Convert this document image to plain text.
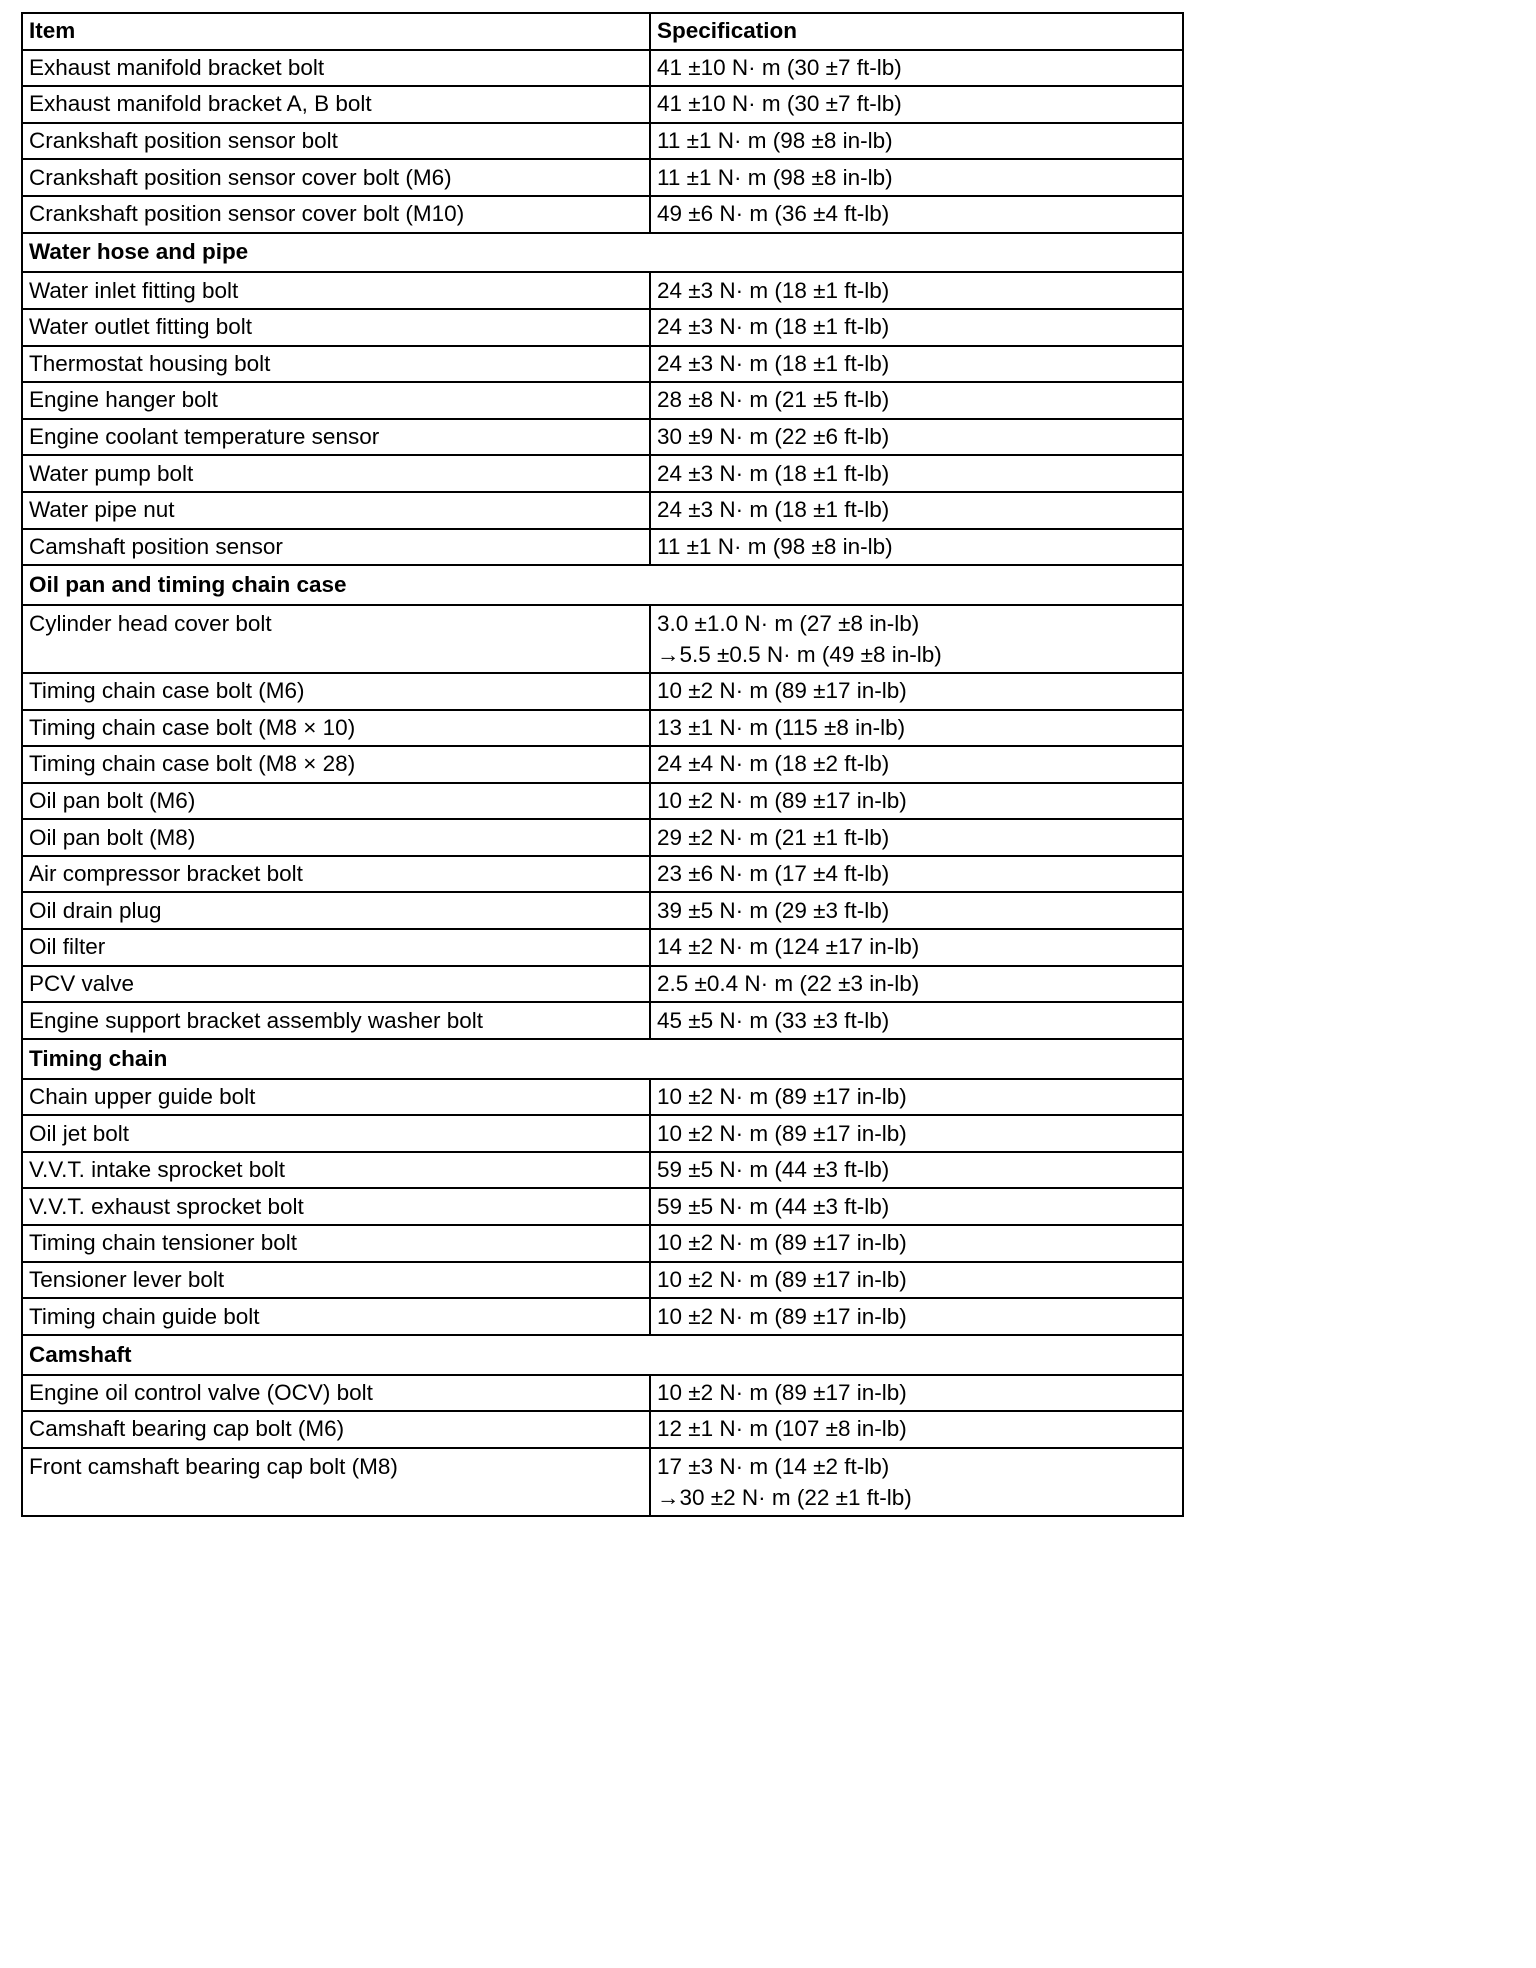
Item	Specification
Exhaust manifold bracket bolt	41 ±10 N· m (30 ±7 ft-lb)

Exhaust manifold bracket A, B bolt	41 ±10 N· m (30 ±7 ft-lb)

Crankshaft position sensor bolt	11 ±1 N· m (98 ±8 in-lb)

Crankshaft position sensor cover bolt (M6)	11 ±1 N· m (98 ±8 in-lb)

Crankshaft position sensor cover bolt (M10)	49 ±6 N· m (36 ±4 ft-lb)

Water hose and pipe	
Water inlet fitting bolt	24 ±3 N· m (18 ±1 ft-lb)

Water outlet fitting bolt	24 ±3 N· m (18 ±1 ft-lb)

Thermostat housing bolt	24 ±3 N· m (18 ±1 ft-lb)

Engine hanger bolt	28 ±8 N· m (21 ±5 ft-lb)

Engine coolant temperature sensor	30 ±9 N· m (22 ±6 ft-lb)

Water pump bolt	24 ±3 N· m (18 ±1 ft-lb)

Water pipe nut	24 ±3 N· m (18 ±1 ft-lb)

Camshaft position sensor	11 ±1 N· m (98 ±8 in-lb)

Oil pan and timing chain case	
Cylinder head cover bolt	3.0 ±1.0 N· m (27 ±8 in-lb)
→5.5 ±0.5 N· m (49 ±8 in-lb)

Timing chain case bolt (M6)	10 ±2 N· m (89 ±17 in-lb)

Timing chain case bolt (M8 × 10)	13 ±1 N· m (115 ±8 in-lb)

Timing chain case bolt (M8 × 28)	24 ±4 N· m (18 ±2 ft-lb)

Oil pan bolt (M6)	10 ±2 N· m (89 ±17 in-lb)

Oil pan bolt (M8)	29 ±2 N· m (21 ±1 ft-lb)

Air compressor bracket bolt	23 ±6 N· m (17 ±4 ft-lb)

Oil drain plug	39 ±5 N· m (29 ±3 ft-lb)

Oil filter	14 ±2 N· m (124 ±17 in-lb)

PCV valve	2.5 ±0.4 N· m (22 ±3 in-lb)

Engine support bracket assembly washer bolt	45 ±5 N· m (33 ±3 ft-lb)

Timing chain	
Chain upper guide bolt	10 ±2 N· m (89 ±17 in-lb)

Oil jet bolt	10 ±2 N· m (89 ±17 in-lb)

V.V.T. intake sprocket bolt	59 ±5 N· m (44 ±3 ft-lb)

V.V.T. exhaust sprocket bolt	59 ±5 N· m (44 ±3 ft-lb)

Timing chain tensioner bolt	10 ±2 N· m (89 ±17 in-lb)

Tensioner lever bolt	10 ±2 N· m (89 ±17 in-lb)

Timing chain guide bolt	10 ±2 N· m (89 ±17 in-lb)

Camshaft	
Engine oil control valve (OCV) bolt	10 ±2 N· m (89 ±17 in-lb)

Camshaft bearing cap bolt (M6)	12 ±1 N· m (107 ±8 in-lb)

Front camshaft bearing cap bolt (M8)	17 ±3 N· m (14 ±2 ft-lb)
→30 ±2 N· m (22 ±1 ft-lb)
